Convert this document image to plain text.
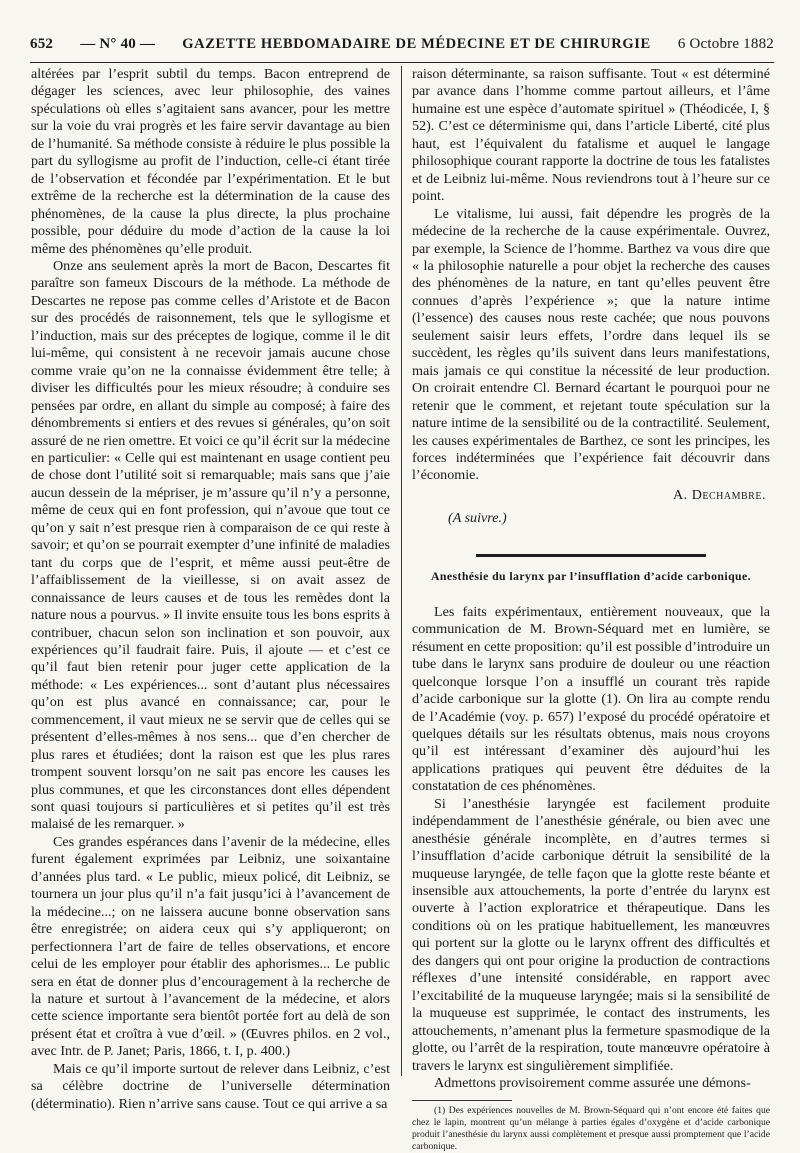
652 — N° 40 — GAZETTE HEBDOMADAIRE DE MÉDECINE ET DE CHIRURGIE 6 Octobre 1882

altérées par l’esprit subtil du temps. Bacon entreprend de dégager les sciences, avec leur philosophie, des vaines spéculations où elles s’agitaient sans avancer, pour les mettre sur la voie du vrai progrès et les faire servir davantage au bien de l’humanité. Sa méthode consiste à réduire le plus possible la part du syllogisme au profit de l’induction, celle-ci étant tirée de l’observation et fécondée par l’expérimentation. Et le but extrême de la recherche est la détermination de la cause des phénomènes, de la cause la plus directe, la plus prochaine possible, pour déduire du mode d’action de la cause la loi même des phénomènes qu’elle produit.

Onze ans seulement après la mort de Bacon, Descartes fit paraître son fameux Discours de la méthode. La méthode de Descartes ne repose pas comme celles d’Aristote et de Bacon sur des procédés de raisonnement, tels que le syllogisme et l’induction, mais sur des préceptes de logique, comme il le dit lui-même, qui consistent à ne recevoir jamais aucune chose comme vraie qu’on ne la connaisse évidemment être telle; à diviser les difficultés pour les mieux résoudre; à conduire ses pensées par ordre, en allant du simple au composé; à faire des dénombrements si entiers et des revues si générales, qu’on soit assuré de ne rien omettre. Et voici ce qu’il écrit sur la médecine en particulier: « Celle qui est maintenant en usage contient peu de chose dont l’utilité soit si remarquable; mais sans que j’aie aucun dessein de la mépriser, je m’assure qu’il n’y a personne, même de ceux qui en font profession, qui n’avoue que tout ce qu’on y sait n’est presque rien à comparaison de ce qui reste à savoir; et qu’on se pourrait exempter d’une infinité de maladies tant du corps que de l’esprit, et même aussi peut-être de l’affaiblissement de la vieillesse, si on avait assez de connaissance de leurs causes et de tous les remèdes dont la nature nous a pourvus. » Il invite ensuite tous les bons esprits à contribuer, chacun selon son inclination et son pouvoir, aux expériences qu’il faudrait faire. Puis, il ajoute — et c’est ce qu’il faut bien retenir pour juger cette application de la méthode: « Les expériences... sont d’autant plus nécessaires qu’on est plus avancé en connaissance; car, pour le commencement, il vaut mieux ne se servir que de celles qui se présentent d’elles-mêmes à nos sens... que d’en chercher de plus rares et étudiées; dont la raison est que les plus rares trompent souvent lorsqu’on ne sait pas encore les causes les plus communes, et que les circonstances dont elles dépendent sont quasi toujours si particulières et si petites qu’il est très malaisé de les remarquer. »

Ces grandes espérances dans l’avenir de la médecine, elles furent également exprimées par Leibniz, une soixantaine d’années plus tard. « Le public, mieux policé, dit Leibniz, se tournera un jour plus qu’il n’a fait jusqu’ici à l’avancement de la médecine...; on ne laissera aucune bonne observation sans être enregistrée; on aidera ceux qui s’y appliqueront; on perfectionnera l’art de faire de telles observations, et encore celui de les employer pour établir des aphorismes... Le public sera en état de donner plus d’encouragement à la recherche de la nature et surtout à l’avancement de la médecine, et alors cette science importante sera bientôt portée fort au delà de son présent état et croîtra à vue d’œil. » (Œuvres philos. en 2 vol., avec Intr. de P. Janet; Paris, 1866, t. I, p. 400.)

Mais ce qu’il importe surtout de relever dans Leibniz, c’est sa célèbre doctrine de l’universelle détermination (déterminatio). Rien n’arrive sans cause. Tout ce qui arrive a sa

raison déterminante, sa raison suffisante. Tout « est déterminé par avance dans l’homme comme partout ailleurs, et l’âme humaine est une espèce d’automate spirituel » (Théodicée, I, § 52). C’est ce déterminisme qui, dans l’article Liberté, cité plus haut, est l’équivalent du fatalisme et auquel le langage philosophique courant rapporte la doctrine de tous les fatalistes et de Leibniz lui-même. Nous reviendrons tout à l’heure sur ce point.

Le vitalisme, lui aussi, fait dépendre les progrès de la médecine de la recherche de la cause expérimentale. Ouvrez, par exemple, la Science de l’homme. Barthez va vous dire que « la philosophie naturelle a pour objet la recherche des causes des phénomènes de la nature, en tant qu’elles peuvent être connues d’après l’expérience »; que la nature intime (l’essence) des causes nous reste cachée; que nous pouvons seulement saisir leurs effets, l’ordre dans lequel ils se succèdent, les règles qu’ils suivent dans leurs manifestations, mais jamais ce qui constitue la nécessité de leur production. On croirait entendre Cl. Bernard écartant le pourquoi pour ne retenir que le comment, et rejetant toute spéculation sur la nature intime de la sensibilité ou de la contractilité. Seulement, les causes expérimentales de Barthez, ce sont les principes, les forces indéterminées que l’expérience fait découvrir dans l’économie.

A. Dechambre.
(A suivre.)
Anesthésie du larynx par l’insufflation d’acide carbonique.

Les faits expérimentaux, entièrement nouveaux, que la communication de M. Brown-Séquard met en lumière, se résument en cette proposition: qu’il est possible d’introduire un tube dans le larynx sans produire de douleur ou une réaction quelconque lorsque l’on a insufflé un courant très rapide d’acide carbonique sur la glotte (1). On lira au compte rendu de l’Académie (voy. p. 657) l’exposé du procédé opératoire et quelques détails sur les résultats obtenus, mais nous croyons qu’il est intéressant d’examiner dès aujourd’hui les applications pratiques qui peuvent être déduites de la constatation de ces phénomènes.

Si l’anesthésie laryngée est facilement produite indépendamment de l’anesthésie générale, ou bien avec une anesthésie générale incomplète, en d’autres termes si l’insufflation d’acide carbonique détruit la sensibilité de la muqueuse laryngée, de telle façon que la glotte reste béante et insensible aux attouchements, la porte d’entrée du larynx est ouverte à l’action exploratrice et thérapeutique. Dans les conditions où on les pratique habituellement, les manœuvres qui portent sur la glotte ou le larynx offrent des difficultés et des dangers qui ont pour origine la production de contractions réflexes d’une intensité considérable, en rapport avec l’excitabilité de la muqueuse laryngée; mais si la sensibilité de la muqueuse est supprimée, le contact des instruments, les attouchements, n’amenant plus la fermeture spasmodique de la glotte, ou l’arrêt de la respiration, toute manœuvre opératoire à travers le larynx est singulièrement simplifiée.

Admettons provisoirement comme assurée une démons-

(1) Des expériences nouvelles de M. Brown-Séquard qui n’ont encore été faites que chez le lapin, montrent qu’un mélange à parties égales d’oxygène et d’acide carbonique produit l’anesthésie du larynx aussi complètement et presque aussi promptement que l’acide carbonique.
